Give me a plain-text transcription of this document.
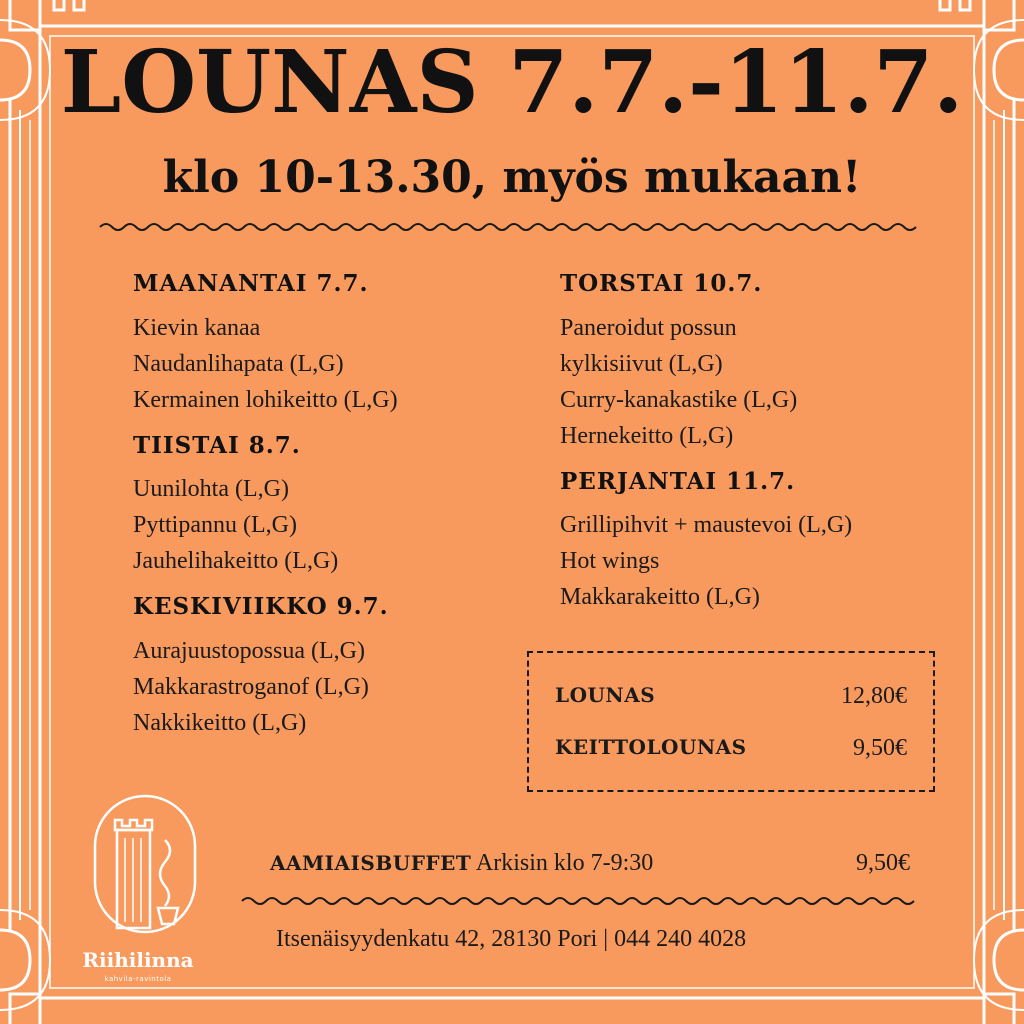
LOUNAS 7.7.-11.7.
klo 10-13.30, myös mukaan!
MAANANTAI 7.7.
Kievin kanaa
Naudanlihapata (L,G)
Kermainen lohikeitto (L,G)
TIISTAI 8.7.
Uunilohta (L,G)
Pyttipannu (L,G)
Jauhelihakeitto (L,G)
KESKIVIIKKO 9.7.
Aurajuustopossua (L,G)
Makkarastroganof (L,G)
Nakkikeitto (L,G)
TORSTAI 10.7.
Paneroidut possun
kylkisiivut (L,G)
Curry-kanakastike (L,G)
Hernekeitto (L,G)
PERJANTAI 11.7.
Grillipihvit + maustevoi (L,G)
Hot wings
Makkarakeitto (L,G)
LOUNAS	12,80€
KEITTOLOUNAS	9,50€
AAMIAISBUFFET Arkisin klo 7-9:30	9,50€
Itsenäisyydenkatu 42, 28130 Pori | 044 240 4028
Riihilinna
kahvila-ravintola
